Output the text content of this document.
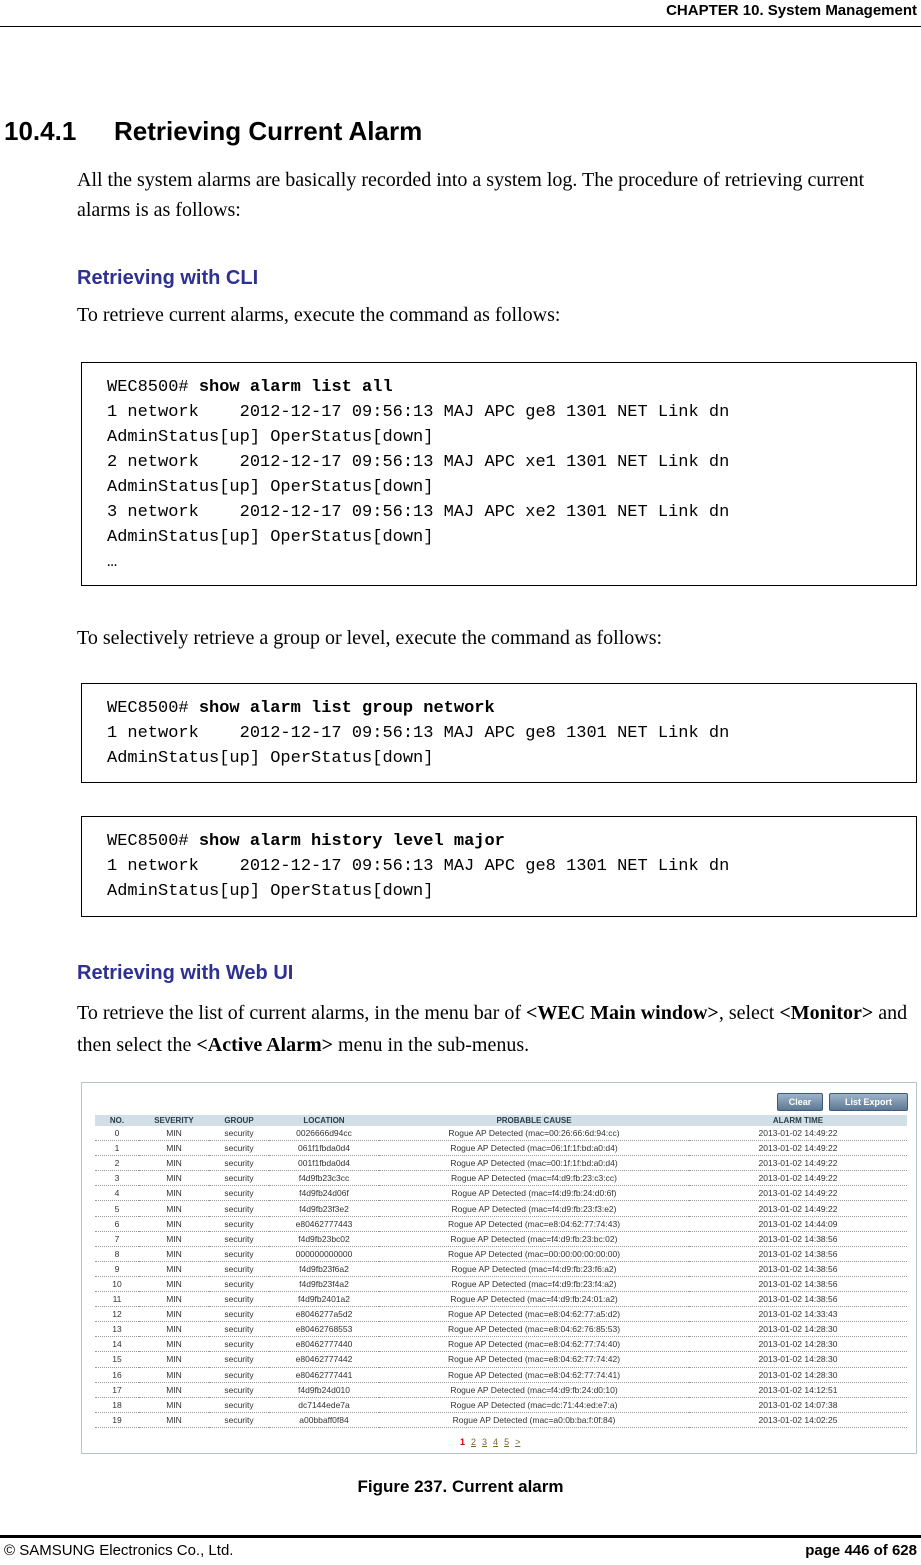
CHAPTER 10. System Management
10.4.1 Retrieving Current Alarm
All the system alarms are basically recorded into a system log. The procedure of retrieving current alarms is as follows:
Retrieving with CLI
To retrieve current alarms, execute the command as follows:
WEC8500# show alarm list all
1 network    2012-12-17 09:56:13 MAJ APC ge8 1301 NET Link dn
AdminStatus[up] OperStatus[down]
2 network    2012-12-17 09:56:13 MAJ APC xe1 1301 NET Link dn
AdminStatus[up] OperStatus[down]
3 network    2012-12-17 09:56:13 MAJ APC xe2 1301 NET Link dn
AdminStatus[up] OperStatus[down]
…
To selectively retrieve a group or level, execute the command as follows:
WEC8500# show alarm list group network
1 network    2012-12-17 09:56:13 MAJ APC ge8 1301 NET Link dn
AdminStatus[up] OperStatus[down]
WEC8500# show alarm history level major
1 network    2012-12-17 09:56:13 MAJ APC ge8 1301 NET Link dn
AdminStatus[up] OperStatus[down]
Retrieving with Web UI
To retrieve the list of current alarms, in the menu bar of <WEC Main window>, select <Monitor> and then select the <Active Alarm> menu in the sub-menus.
Clear	List Export
NO.	SEVERITY	GROUP	LOCATION	PROBABLE CAUSE	ALARM TIME
0	MIN	security	0026666d94cc	Rogue AP Detected (mac=00:26:66:6d:94:cc)	2013-01-02 14:49:22
1	MIN	security	061f1fbda0d4	Rogue AP Detected (mac=06:1f:1f:bd:a0:d4)	2013-01-02 14:49:22
2	MIN	security	001f1fbda0d4	Rogue AP Detected (mac=00:1f:1f:bd:a0:d4)	2013-01-02 14:49:22
3	MIN	security	f4d9fb23c3cc	Rogue AP Detected (mac=f4:d9:fb:23:c3:cc)	2013-01-02 14:49:22
4	MIN	security	f4d9fb24d06f	Rogue AP Detected (mac=f4:d9:fb:24:d0:6f)	2013-01-02 14:49:22
5	MIN	security	f4d9fb23f3e2	Rogue AP Detected (mac=f4:d9:fb:23:f3:e2)	2013-01-02 14:49:22
6	MIN	security	e80462777443	Rogue AP Detected (mac=e8:04:62:77:74:43)	2013-01-02 14:44:09
7	MIN	security	f4d9fb23bc02	Rogue AP Detected (mac=f4:d9:fb:23:bc:02)	2013-01-02 14:38:56
8	MIN	security	000000000000	Rogue AP Detected (mac=00:00:00:00:00:00)	2013-01-02 14:38:56
9	MIN	security	f4d9fb23f6a2	Rogue AP Detected (mac=f4:d9:fb:23:f6:a2)	2013-01-02 14:38:56
10	MIN	security	f4d9fb23f4a2	Rogue AP Detected (mac=f4:d9:fb:23:f4:a2)	2013-01-02 14:38:56
11	MIN	security	f4d9fb2401a2	Rogue AP Detected (mac=f4:d9:fb:24:01:a2)	2013-01-02 14:38:56
12	MIN	security	e8046277a5d2	Rogue AP Detected (mac=e8:04:62:77:a5:d2)	2013-01-02 14:33:43
13	MIN	security	e80462768553	Rogue AP Detected (mac=e8:04:62:76:85:53)	2013-01-02 14:28:30
14	MIN	security	e80462777440	Rogue AP Detected (mac=e8:04:62:77:74:40)	2013-01-02 14:28:30
15	MIN	security	e80462777442	Rogue AP Detected (mac=e8:04:62:77:74:42)	2013-01-02 14:28:30
16	MIN	security	e80462777441	Rogue AP Detected (mac=e8:04:62:77:74:41)	2013-01-02 14:28:30
17	MIN	security	f4d9fb24d010	Rogue AP Detected (mac=f4:d9:fb:24:d0:10)	2013-01-02 14:12:51
18	MIN	security	dc7144ede7a	Rogue AP Detected (mac=dc:71:44:ed:e7:a)	2013-01-02 14:07:38
19	MIN	security	a00bbaff0f84	Rogue AP Detected (mac=a0:0b:ba:f:0f:84)	2013-01-02 14:02:25
1 2 3 4 5 >
Figure 237. Current alarm
© SAMSUNG Electronics Co., Ltd.	page 446 of 628
